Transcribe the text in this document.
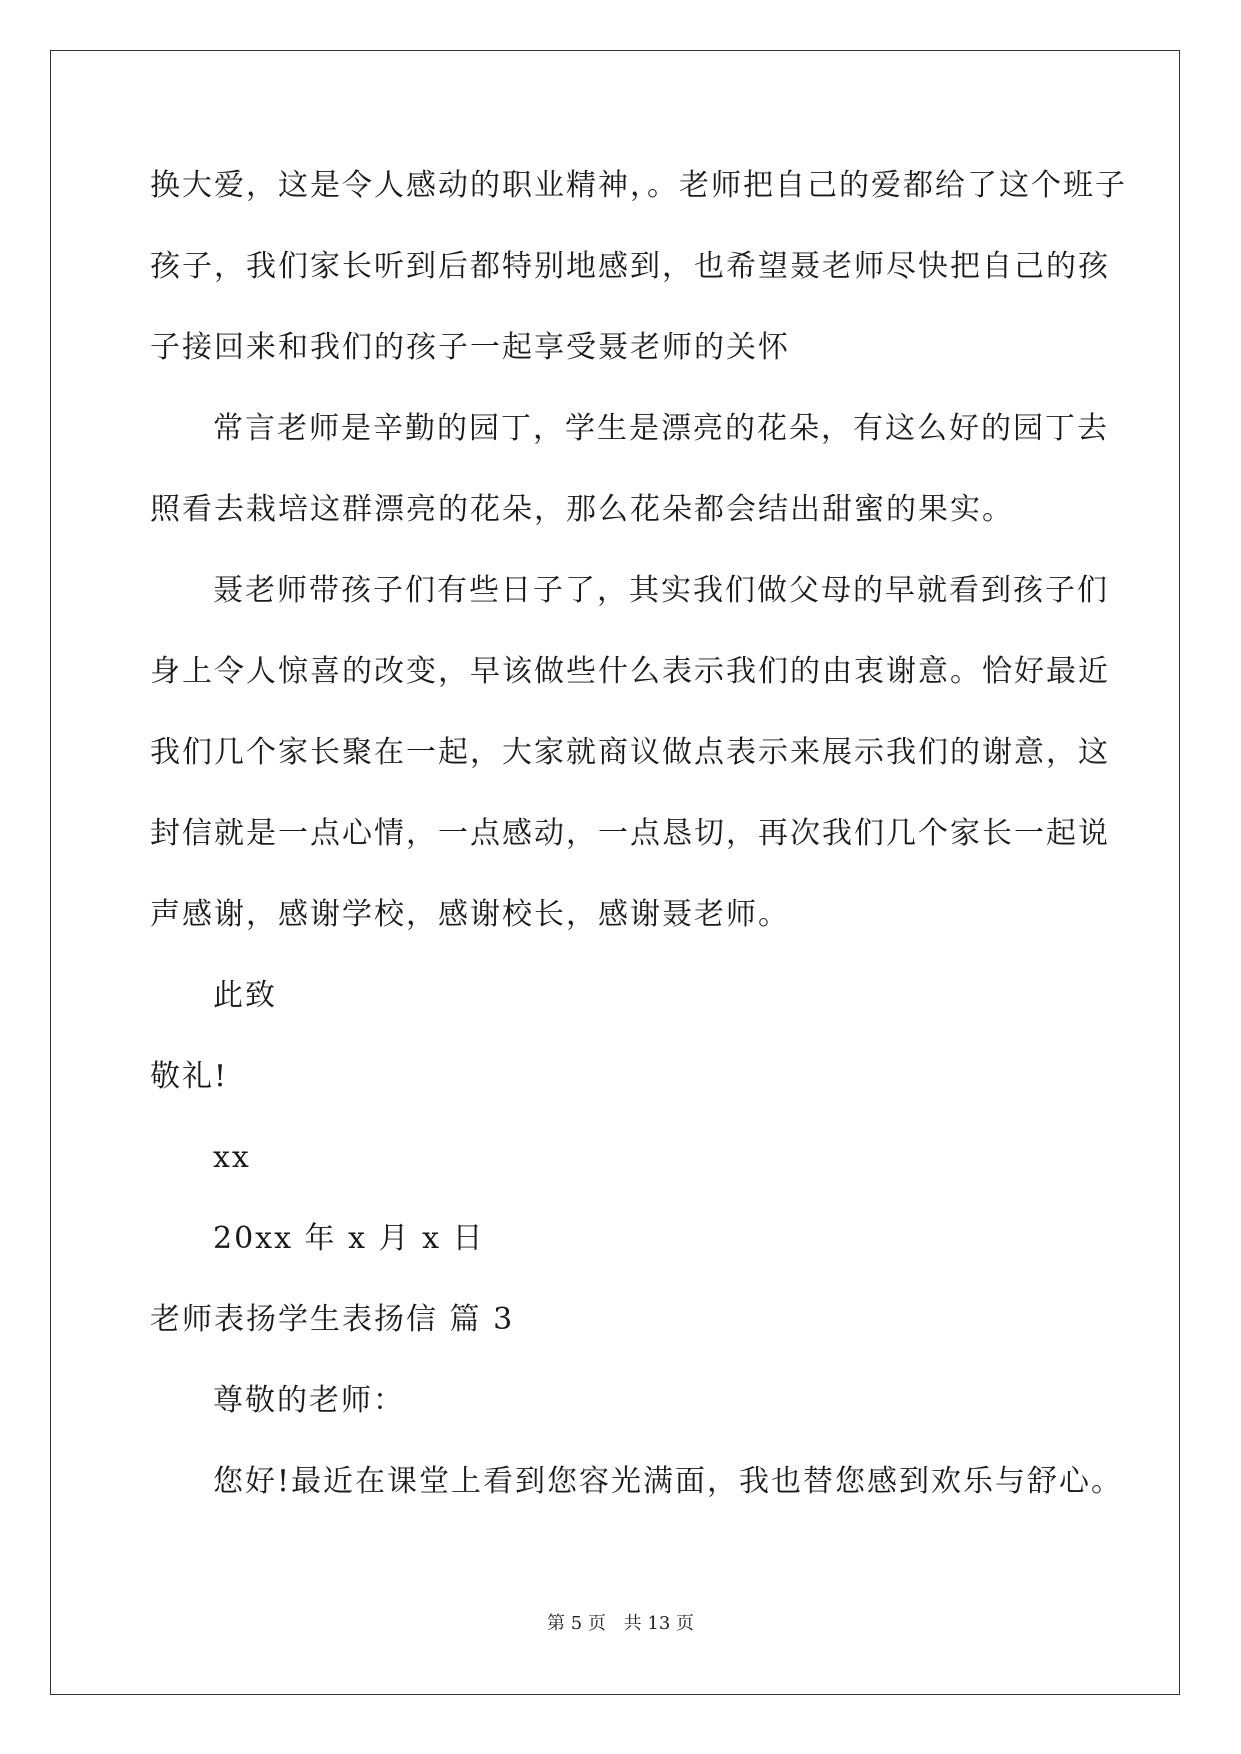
换大爱，这是令人感动的职业精神，。老师把自己的爱都给了这个班子
孩子，我们家长听到后都特别地感到，也希望聂老师尽快把自己的孩
子接回来和我们的孩子一起享受聂老师的关怀
常言老师是辛勤的园丁，学生是漂亮的花朵，有这么好的园丁去
照看去栽培这群漂亮的花朵，那么花朵都会结出甜蜜的果实。
聂老师带孩子们有些日子了，其实我们做父母的早就看到孩子们
身上令人惊喜的改变，早该做些什么表示我们的由衷谢意。恰好最近
我们几个家长聚在一起，大家就商议做点表示来展示我们的谢意，这
封信就是一点心情，一点感动，一点恳切，再次我们几个家长一起说
声感谢，感谢学校，感谢校长，感谢聂老师。
此致
敬礼!
xx
20xx 年 x 月 x 日
老师表扬学生表扬信 篇 3
尊敬的老师：
您好!最近在课堂上看到您容光满面，我也替您感到欢乐与舒心。
第 5 页 共 13 页
